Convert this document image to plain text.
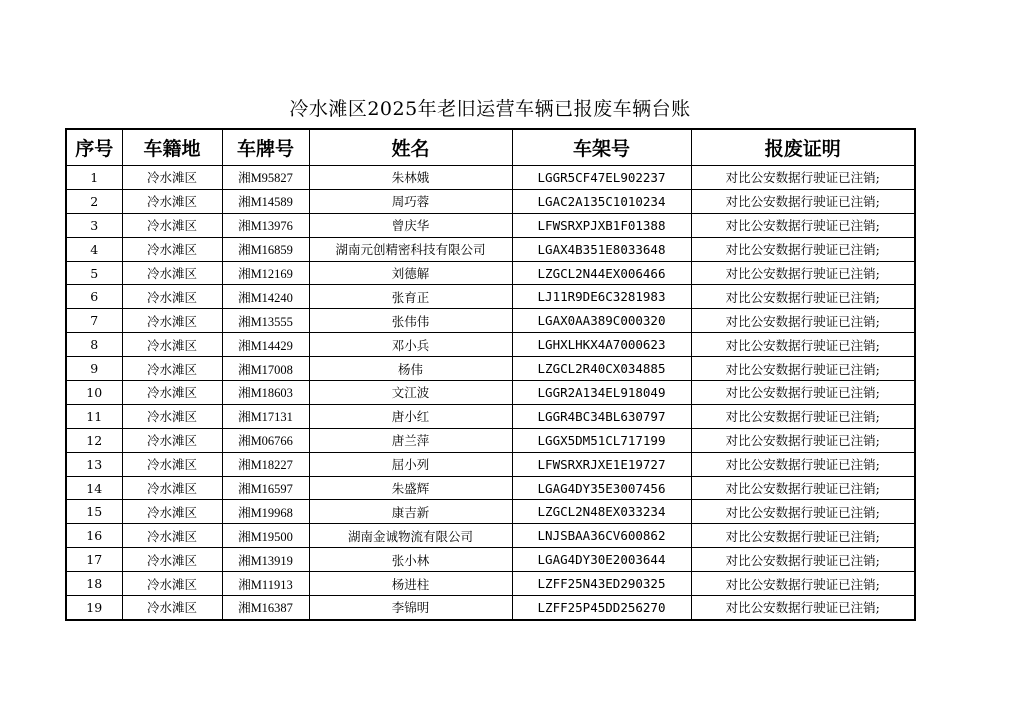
冷水滩区2025年老旧运营车辆已报废车辆台账
序号	车籍地	车牌号	姓名	车架号	报废证明
1	冷水滩区	湘M95827	朱林娥	LGGR5CF47EL902237	对比公安数据行驶证已注销;
2	冷水滩区	湘M14589	周巧蓉	LGAC2A135C1010234	对比公安数据行驶证已注销;
3	冷水滩区	湘M13976	曾庆华	LFWSRXPJXB1F01388	对比公安数据行驶证已注销;
4	冷水滩区	湘M16859	湖南元创精密科技有限公司	LGAX4B351E8033648	对比公安数据行驶证已注销;
5	冷水滩区	湘M12169	刘德解	LZGCL2N44EX006466	对比公安数据行驶证已注销;
6	冷水滩区	湘M14240	张育正	LJ11R9DE6C3281983	对比公安数据行驶证已注销;
7	冷水滩区	湘M13555	张伟伟	LGAX0AA389C000320	对比公安数据行驶证已注销;
8	冷水滩区	湘M14429	邓小兵	LGHXLHKX4A7000623	对比公安数据行驶证已注销;
9	冷水滩区	湘M17008	杨伟	LZGCL2R40CX034885	对比公安数据行驶证已注销;
10	冷水滩区	湘M18603	文江波	LGGR2A134EL918049	对比公安数据行驶证已注销;
11	冷水滩区	湘M17131	唐小红	LGGR4BC34BL630797	对比公安数据行驶证已注销;
12	冷水滩区	湘M06766	唐兰萍	LGGX5DM51CL717199	对比公安数据行驶证已注销;
13	冷水滩区	湘M18227	屈小列	LFWSRXRJXE1E19727	对比公安数据行驶证已注销;
14	冷水滩区	湘M16597	朱盛辉	LGAG4DY35E3007456	对比公安数据行驶证已注销;
15	冷水滩区	湘M19968	康吉新	LZGCL2N48EX033234	对比公安数据行驶证已注销;
16	冷水滩区	湘M19500	湖南金诚物流有限公司	LNJSBAA36CV600862	对比公安数据行驶证已注销;
17	冷水滩区	湘M13919	张小林	LGAG4DY30E2003644	对比公安数据行驶证已注销;
18	冷水滩区	湘M11913	杨进柱	LZFF25N43ED290325	对比公安数据行驶证已注销;
19	冷水滩区	湘M16387	李锦明	LZFF25P45DD256270	对比公安数据行驶证已注销;
